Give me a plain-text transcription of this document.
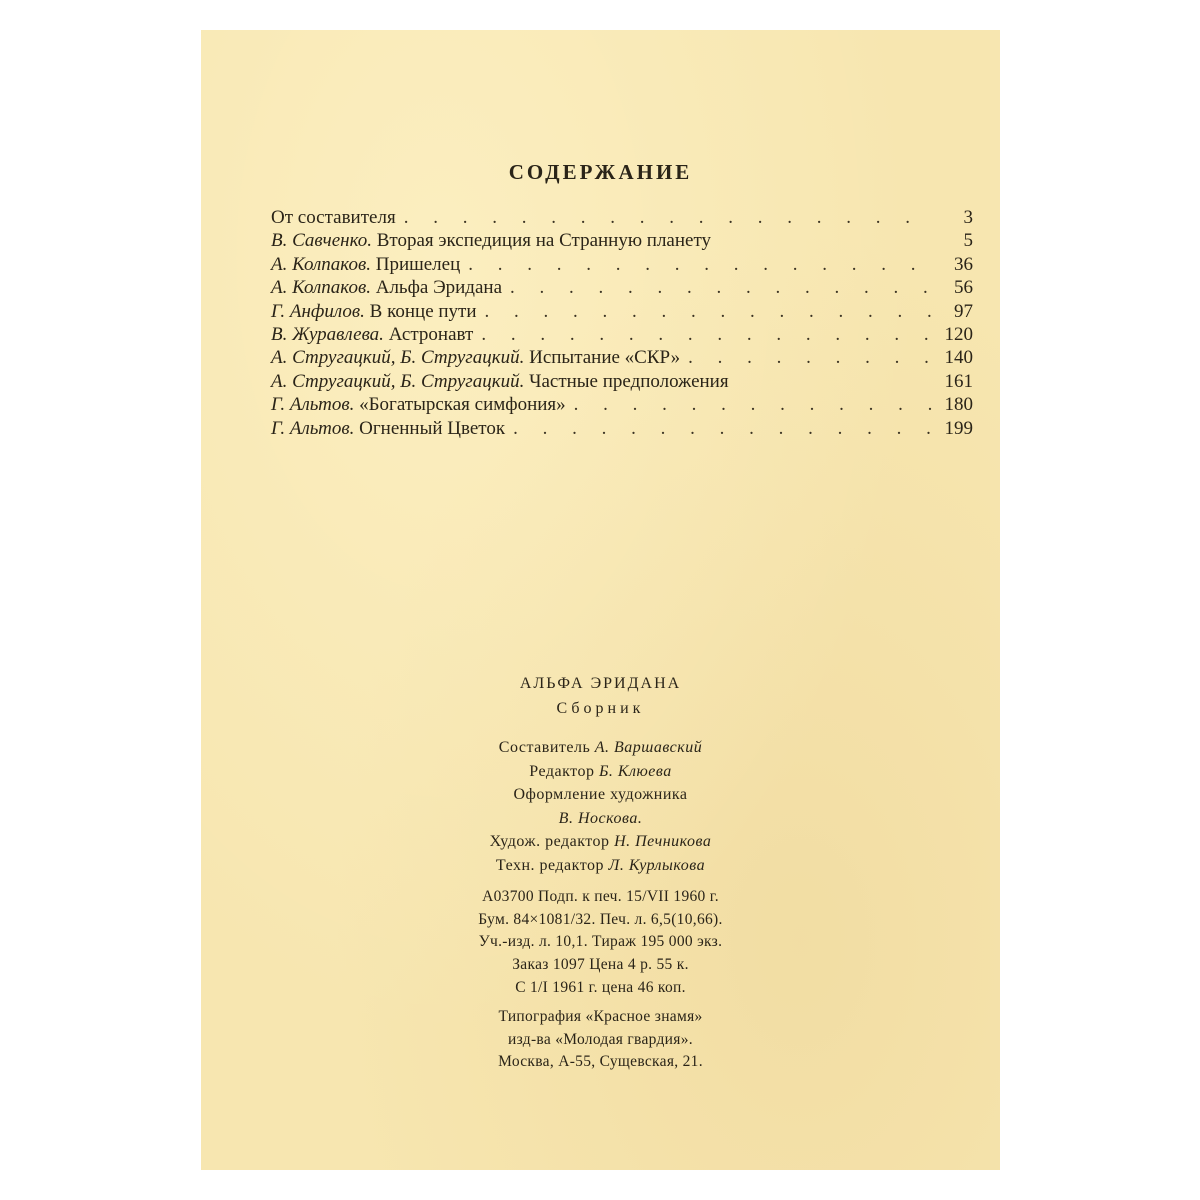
СОДЕРЖАНИЕ
От составителя . . .	3
В. Савченко. Вторая экспедиция на Странную планету	5
А. Колпаков. Пришелец . . .	36
А. Колпаков. Альфа Эридана . . .	56
Г. Анфилов. В конце пути . . .	97
В. Журавлева. Астронавт . . .	120
А. Стругацкий, Б. Стругацкий. Испытание «СКР» . . .	140
А. Стругацкий, Б. Стругацкий. Частные предположения	161
Г. Альтов. «Богатырская симфония» . . .	180
Г. Альтов. Огненный Цветок . . .	199
АЛЬФА ЭРИДАНА
Сборник
Составитель А. Варшавский
Редактор Б. Клюева
Оформление художника
В. Носкова.
Худож. редактор Н. Печникова
Техн. редактор Л. Курлыкова
А03700 Подп. к печ. 15/VII 1960 г.
Бум. 84×1081/32. Печ. л. 6,5(10,66).
Уч.-изд. л. 10,1. Тираж 195 000 экз.
Заказ 1097 Цена 4 р. 55 к.
С 1/I 1961 г. цена 46 коп.
Типография «Красное знамя»
изд-ва «Молодая гвардия».
Москва, А-55, Сущевская, 21.
